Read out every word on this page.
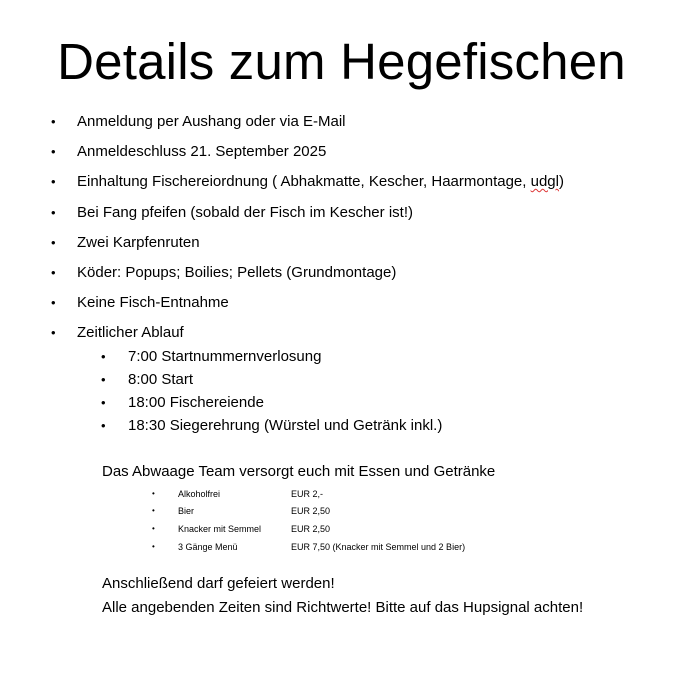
Details zum Hegefischen
• Anmeldung per Aushang oder via E-Mail
• Anmeldeschluss 21. September 2025
• Einhaltung Fischereiordnung ( Abhakmatte, Kescher, Haarmontage, udgl)
• Bei Fang pfeifen (sobald der Fisch im Kescher ist!)
• Zwei Karpfenruten
• Köder: Popups; Boilies; Pellets (Grundmontage)
• Keine Fisch-Entnahme
• Zeitlicher Ablauf
• 7:00 Startnummernverlosung
• 8:00 Start
• 18:00 Fischereiende
• 18:30 Siegerehrung (Würstel und Getränk inkl.)
Das Abwaage Team versorgt euch mit Essen und Getränke
•	Alkoholfrei	EUR 2,-
•	Bier	EUR 2,50
•	Knacker mit Semmel	EUR 2,50
•	3 Gänge Menü	EUR 7,50 (Knacker mit Semmel und 2 Bier)
Anschließend darf gefeiert werden!
Alle angebenden Zeiten sind Richtwerte! Bitte auf das Hupsignal achten!
